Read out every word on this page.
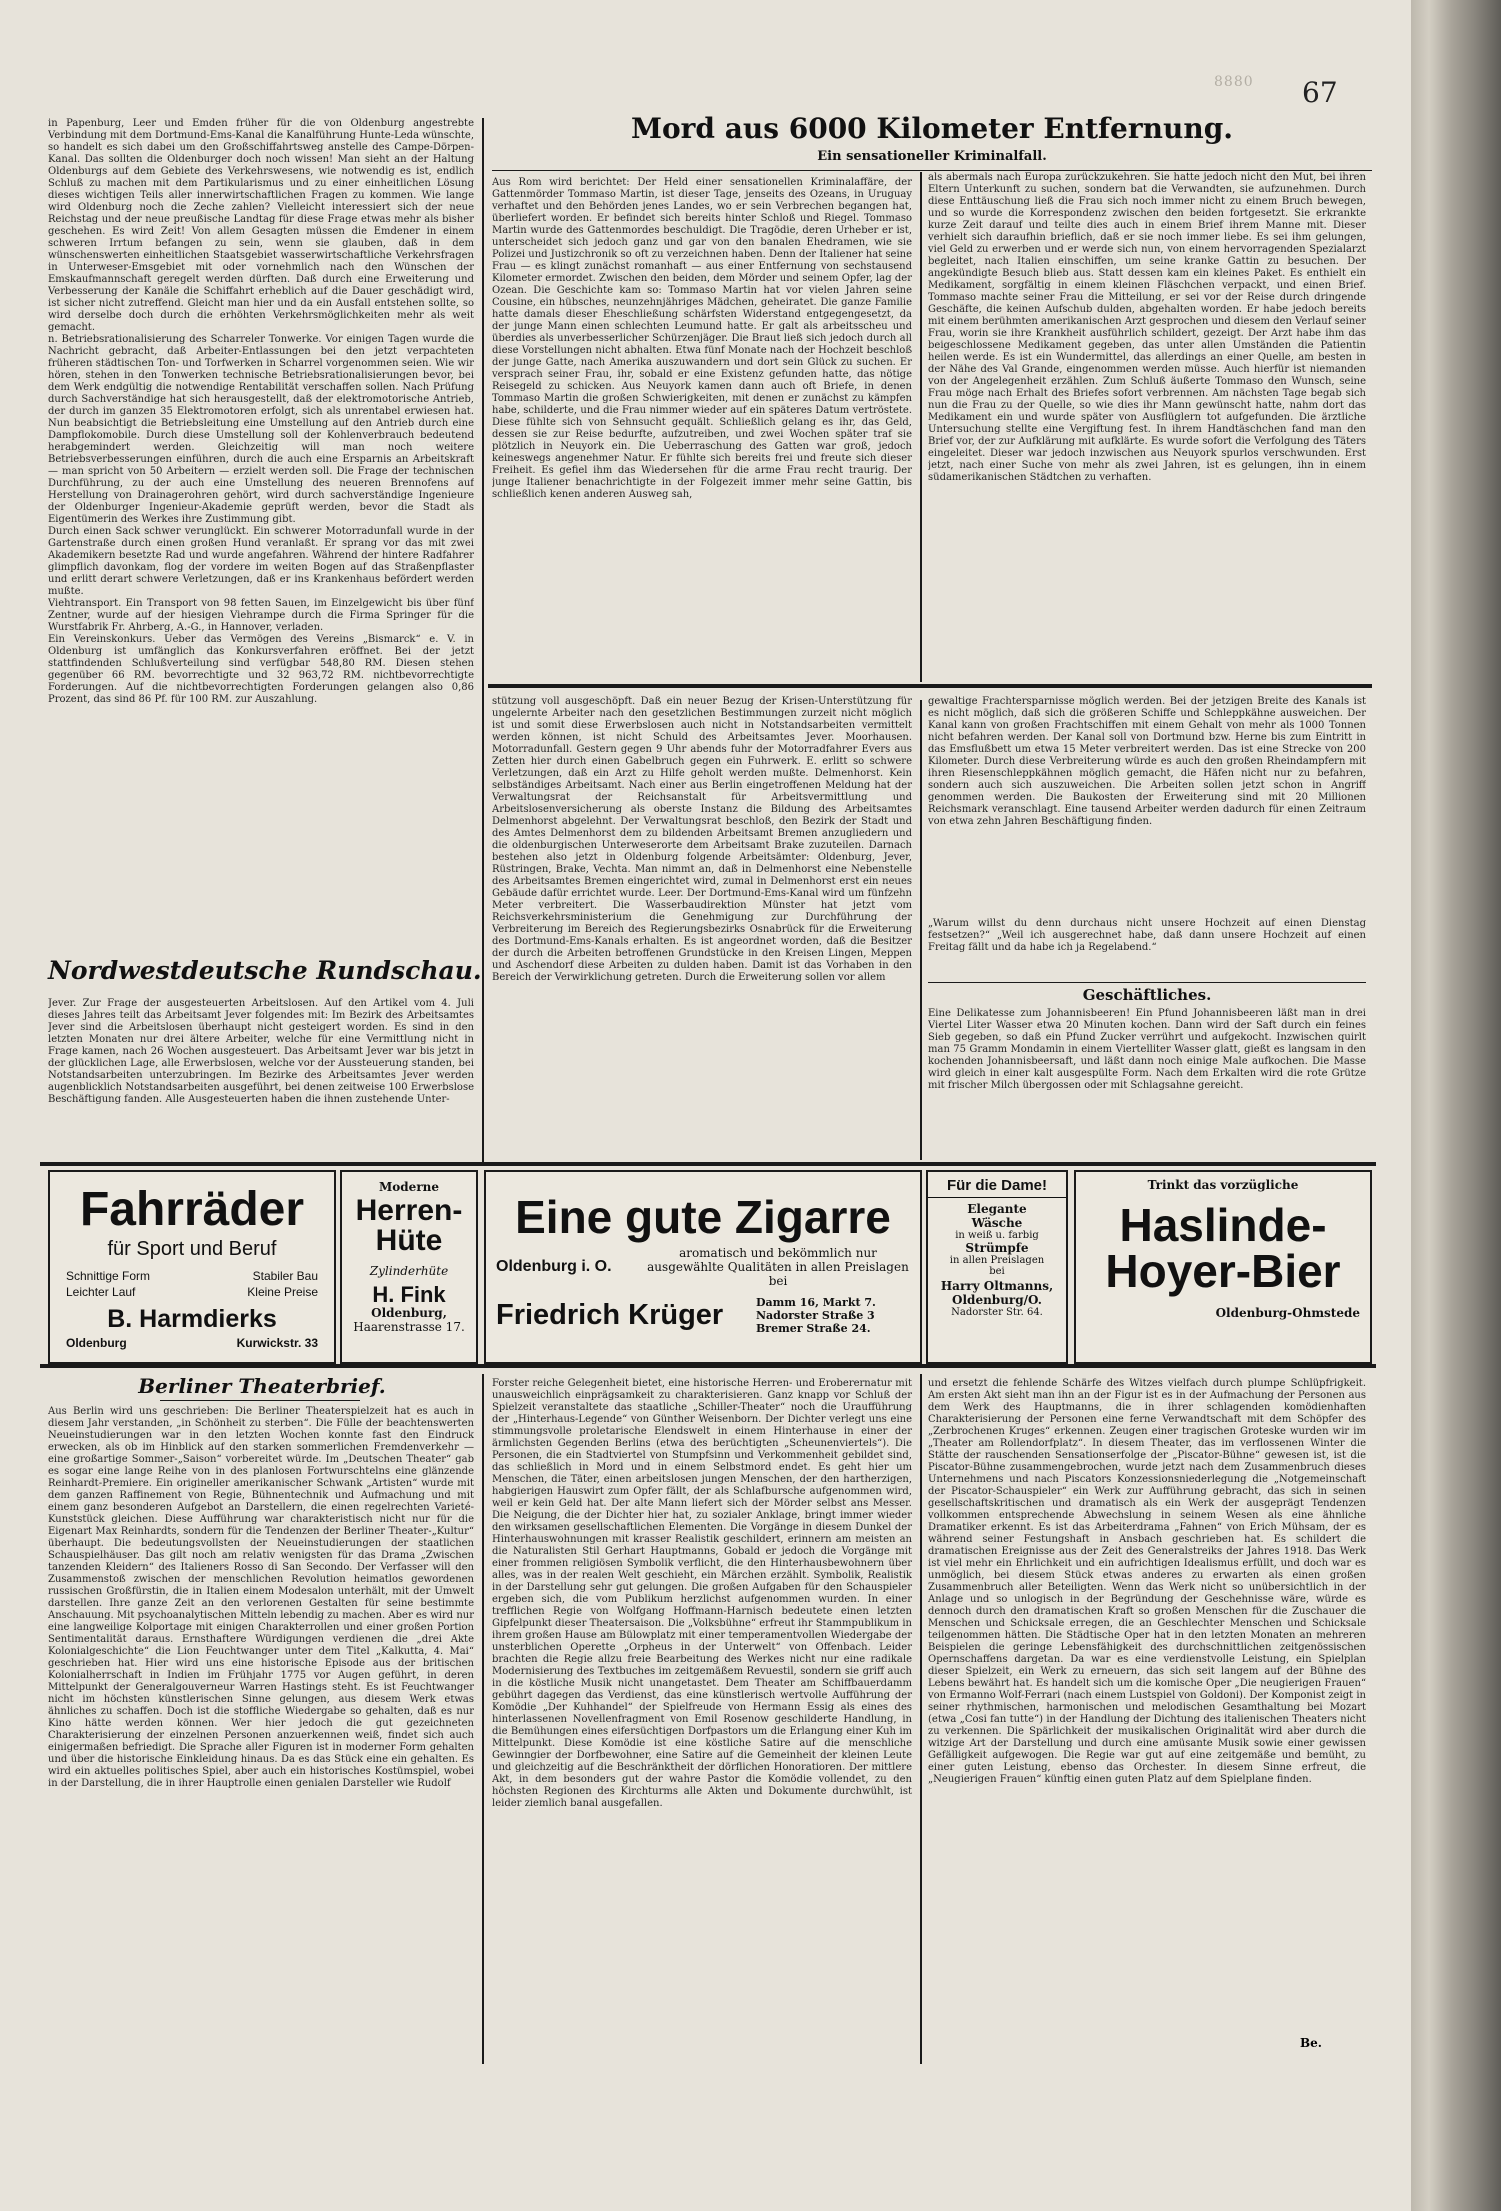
8880 67

in Papenburg, Leer und Emden früher für die von Oldenburg angestrebte Verbindung mit dem Dortmund-Ems-Kanal die Kanalführung Hunte-Leda wünschte, so handelt es sich dabei um den Großschiffahrtsweg anstelle des Campe-Dörpen-Kanal. Das sollten die Oldenburger doch noch wissen! Man sieht an der Haltung Oldenburgs auf dem Gebiete des Verkehrswesens, wie notwendig es ist, endlich Schluß zu machen mit dem Partikularismus und zu einer einheitlichen Lösung dieses wichtigen Teils aller innerwirtschaftlichen Fragen zu kommen. Wie lange wird Oldenburg noch die Zeche zahlen? Vielleicht interessiert sich der neue Reichstag und der neue preußische Landtag für diese Frage etwas mehr als bisher geschehen. Es wird Zeit! Von allem Gesagten müssen die Emdener in einem schweren Irrtum befangen zu sein, wenn sie glauben, daß in dem wünschenswerten einheitlichen Staatsgebiet wasserwirtschaftliche Verkehrsfragen in Unterweser-Emsgebiet mit oder vornehmlich nach den Wünschen der Emskaufmannschaft geregelt werden dürften. Daß durch eine Erweiterung und Verbesserung der Kanäle die Schiffahrt erheblich auf die Dauer geschädigt wird, ist sicher nicht zutreffend. Gleicht man hier und da ein Ausfall entstehen sollte, so wird derselbe doch durch die erhöhten Verkehrsmöglichkeiten mehr als weit gemacht.

n. Betriebsrationalisierung des Scharreler Tonwerke. Vor einigen Tagen wurde die Nachricht gebracht, daß Arbeiter-Entlassungen bei den jetzt verpachteten früheren städtischen Ton- und Torfwerken in Scharrel vorgenommen seien. Wie wir hören, stehen in den Tonwerken technische Betriebsrationalisierungen bevor, bei dem Werk endgültig die notwendige Rentabilität verschaffen sollen. Nach Prüfung durch Sachverständige hat sich herausgestellt, daß der elektromotorische Antrieb, der durch im ganzen 35 Elektromotoren erfolgt, sich als unrentabel erwiesen hat. Nun beabsichtigt die Betriebsleitung eine Umstellung auf den Antrieb durch eine Dampflokomobile. Durch diese Umstellung soll der Kohlenverbrauch bedeutend herabgemindert werden. Gleichzeitig will man noch weitere Betriebsverbesserungen einführen, durch die auch eine Ersparnis an Arbeitskraft — man spricht von 50 Arbeitern — erzielt werden soll. Die Frage der technischen Durchführung, zu der auch eine Umstellung des neueren Brennofens auf Herstellung von Drainagerohren gehört, wird durch sachverständige Ingenieure der Oldenburger Ingenieur-Akademie geprüft werden, bevor die Stadt als Eigentümerin des Werkes ihre Zustimmung gibt.

Durch einen Sack schwer verunglückt. Ein schwerer Motorradunfall wurde in der Gartenstraße durch einen großen Hund veranlaßt. Er sprang vor das mit zwei Akademikern besetzte Rad und wurde angefahren. Während der hintere Radfahrer glimpflich davonkam, flog der vordere im weiten Bogen auf das Straßenpflaster und erlitt derart schwere Verletzungen, daß er ins Krankenhaus befördert werden mußte.

Viehtransport. Ein Transport von 98 fetten Sauen, im Einzelgewicht bis über fünf Zentner, wurde auf der hiesigen Viehrampe durch die Firma Springer für die Wurstfabrik Fr. Ahrberg, A.-G., in Hannover, verladen.

Ein Vereinskonkurs. Ueber das Vermögen des Vereins „Bismarck“ e. V. in Oldenburg ist umfänglich das Konkursverfahren eröffnet. Bei der jetzt stattfindenden Schlußverteilung sind verfügbar 548,80 RM. Diesen stehen gegenüber 66 RM. bevorrechtigte und 32 963,72 RM. nichtbevorrechtigte Forderungen. Auf die nichtbevorrechtigten Forderungen gelangen also 0,86 Prozent, das sind 86 Pf. für 100 RM. zur Auszahlung.

Nordwestdeutsche Rundschau.
Jever. Zur Frage der ausgesteuerten Arbeitslosen. Auf den Artikel vom 4. Juli dieses Jahres teilt das Arbeitsamt Jever folgendes mit: Im Bezirk des Arbeitsamtes Jever sind die Arbeitslosen überhaupt nicht gesteigert worden. Es sind in den letzten Monaten nur drei ältere Arbeiter, welche für eine Vermittlung nicht in Frage kamen, nach 26 Wochen ausgesteuert. Das Arbeitsamt Jever war bis jetzt in der glücklichen Lage, alle Erwerbslosen, welche vor der Aussteuerung standen, bei Notstandsarbeiten unterzubringen. Im Bezirke des Arbeitsamtes Jever werden augenblicklich Notstandsarbeiten ausgeführt, bei denen zeitweise 100 Erwerbslose Beschäftigung fanden. Alle Ausgesteuerten haben die ihnen zustehende Unter-
Mord aus 6000 Kilometer Entfernung.
Ein sensationeller Kriminalfall.
Aus Rom wird berichtet: Der Held einer sensationellen Kriminalaffäre, der Gattenmörder Tommaso Martin, ist dieser Tage, jenseits des Ozeans, in Uruguay verhaftet und den Behörden jenes Landes, wo er sein Verbrechen begangen hat, überliefert worden. Er befindet sich bereits hinter Schloß und Riegel. Tommaso Martin wurde des Gattenmordes beschuldigt. Die Tragödie, deren Urheber er ist, unterscheidet sich jedoch ganz und gar von den banalen Ehedramen, wie sie Polizei und Justizchronik so oft zu verzeichnen haben. Denn der Italiener hat seine Frau — es klingt zunächst romanhaft — aus einer Entfernung von sechstausend Kilometer ermordet. Zwischen den beiden, dem Mörder und seinem Opfer, lag der Ozean. Die Geschichte kam so: Tommaso Martin hat vor vielen Jahren seine Cousine, ein hübsches, neunzehnjähriges Mädchen, geheiratet. Die ganze Familie hatte damals dieser Eheschließung schärfsten Widerstand entgegengesetzt, da der junge Mann einen schlechten Leumund hatte. Er galt als arbeitsscheu und überdies als unverbesserlicher Schürzenjäger. Die Braut ließ sich jedoch durch all diese Vorstellungen nicht abhalten. Etwa fünf Monate nach der Hochzeit beschloß der junge Gatte, nach Amerika auszuwandern und dort sein Glück zu suchen. Er versprach seiner Frau, ihr, sobald er eine Existenz gefunden hatte, das nötige Reisegeld zu schicken. Aus Neuyork kamen dann auch oft Briefe, in denen Tommaso Martin die großen Schwierigkeiten, mit denen er zunächst zu kämpfen habe, schilderte, und die Frau nimmer wieder auf ein späteres Datum vertröstete. Diese fühlte sich von Sehnsucht gequält. Schließlich gelang es ihr, das Geld, dessen sie zur Reise bedurfte, aufzutreiben, und zwei Wochen später traf sie plötzlich in Neuyork ein. Die Ueberraschung des Gatten war groß, jedoch keineswegs angenehmer Natur. Er fühlte sich bereits frei und freute sich dieser Freiheit. Es gefiel ihm das Wiedersehen für die arme Frau recht traurig. Der junge Italiener benachrichtigte in der Folgezeit immer mehr seine Gattin, bis schließlich kenen anderen Ausweg sah,
als abermals nach Europa zurückzukehren. Sie hatte jedoch nicht den Mut, bei ihren Eltern Unterkunft zu suchen, sondern bat die Verwandten, sie aufzunehmen. Durch diese Enttäuschung ließ die Frau sich noch immer nicht zu einem Bruch bewegen, und so wurde die Korrespondenz zwischen den beiden fortgesetzt. Sie erkrankte kurze Zeit darauf und teilte dies auch in einem Brief ihrem Manne mit. Dieser verhielt sich daraufhin brieflich, daß er sie noch immer liebe. Es sei ihm gelungen, viel Geld zu erwerben und er werde sich nun, von einem hervorragenden Spezialarzt begleitet, nach Italien einschiffen, um seine kranke Gattin zu besuchen. Der angekündigte Besuch blieb aus. Statt dessen kam ein kleines Paket. Es enthielt ein Medikament, sorgfältig in einem kleinen Fläschchen verpackt, und einen Brief. Tommaso machte seiner Frau die Mitteilung, er sei vor der Reise durch dringende Geschäfte, die keinen Aufschub dulden, abgehalten worden. Er habe jedoch bereits mit einem berühmten amerikanischen Arzt gesprochen und diesem den Verlauf seiner Frau, worin sie ihre Krankheit ausführlich schildert, gezeigt. Der Arzt habe ihm das beigeschlossene Medikament gegeben, das unter allen Umständen die Patientin heilen werde. Es ist ein Wundermittel, das allerdings an einer Quelle, am besten in der Nähe des Val Grande, eingenommen werden müsse. Auch hierfür ist niemanden von der Angelegenheit erzählen. Zum Schluß äußerte Tommaso den Wunsch, seine Frau möge nach Erhalt des Briefes sofort verbrennen. Am nächsten Tage begab sich nun die Frau zu der Quelle, so wie dies ihr Mann gewünscht hatte, nahm dort das Medikament ein und wurde später von Ausflüglern tot aufgefunden. Die ärztliche Untersuchung stellte eine Vergiftung fest. In ihrem Handtäschchen fand man den Brief vor, der zur Aufklärung mit aufklärte. Es wurde sofort die Verfolgung des Täters eingeleitet. Dieser war jedoch inzwischen aus Neuyork spurlos verschwunden. Erst jetzt, nach einer Suche von mehr als zwei Jahren, ist es gelungen, ihn in einem südamerikanischen Städtchen zu verhaften.
stützung voll ausgeschöpft. Daß ein neuer Bezug der Krisen-Unterstützung für ungelernte Arbeiter nach den gesetzlichen Bestimmungen zurzeit nicht möglich ist und somit diese Erwerbslosen auch nicht in Notstandsarbeiten vermittelt werden können, ist nicht Schuld des Arbeitsamtes Jever. Moorhausen. Motorradunfall. Gestern gegen 9 Uhr abends fuhr der Motorradfahrer Evers aus Zetten hier durch einen Gabelbruch gegen ein Fuhrwerk. E. erlitt so schwere Verletzungen, daß ein Arzt zu Hilfe geholt werden mußte. Delmenhorst. Kein selbständiges Arbeitsamt. Nach einer aus Berlin eingetroffenen Meldung hat der Verwaltungsrat der Reichsanstalt für Arbeitsvermittlung und Arbeitslosenversicherung als oberste Instanz die Bildung des Arbeitsamtes Delmenhorst abgelehnt. Der Verwaltungsrat beschloß, den Bezirk der Stadt und des Amtes Delmenhorst dem zu bildenden Arbeitsamt Bremen anzugliedern und die oldenburgischen Unterweserorte dem Arbeitsamt Brake zuzuteilen. Darnach bestehen also jetzt in Oldenburg folgende Arbeitsämter: Oldenburg, Jever, Rüstringen, Brake, Vechta. Man nimmt an, daß in Delmenhorst eine Nebenstelle des Arbeitsamtes Bremen eingerichtet wird, zumal in Delmenhorst erst ein neues Gebäude dafür errichtet wurde. Leer. Der Dortmund-Ems-Kanal wird um fünfzehn Meter verbreitert. Die Wasserbaudirektion Münster hat jetzt vom Reichsverkehrsministerium die Genehmigung zur Durchführung der Verbreiterung im Bereich des Regierungsbezirks Osnabrück für die Erweiterung des Dortmund-Ems-Kanals erhalten. Es ist angeordnet worden, daß die Besitzer der durch die Arbeiten betroffenen Grundstücke in den Kreisen Lingen, Meppen und Aschendorf diese Arbeiten zu dulden haben. Damit ist das Vorhaben in den Bereich der Verwirklichung getreten. Durch die Erweiterung sollen vor allem
gewaltige Frachtersparnisse möglich werden. Bei der jetzigen Breite des Kanals ist es nicht möglich, daß sich die größeren Schiffe und Schleppkähne ausweichen. Der Kanal kann von großen Frachtschiffen mit einem Gehalt von mehr als 1000 Tonnen nicht befahren werden. Der Kanal soll von Dortmund bzw. Herne bis zum Eintritt in das Emsflußbett um etwa 15 Meter verbreitert werden. Das ist eine Strecke von 200 Kilometer. Durch diese Verbreiterung würde es auch den großen Rheindampfern mit ihren Riesenschleppkähnen möglich gemacht, die Häfen nicht nur zu befahren, sondern auch sich auszuweichen. Die Arbeiten sollen jetzt schon in Angriff genommen werden. Die Baukosten der Erweiterung sind mit 20 Millionen Reichsmark veranschlagt. Eine tausend Arbeiter werden dadurch für einen Zeitraum von etwa zehn Jahren Beschäftigung finden.
„Warum willst du denn durchaus nicht unsere Hochzeit auf einen Dienstag festsetzen?“ „Weil ich ausgerechnet habe, daß dann unsere Hochzeit auf einen Freitag fällt und da habe ich ja Regelabend.“
Geschäftliches.
Eine Delikatesse zum Johannisbeeren! Ein Pfund Johannisbeeren läßt man in drei Viertel Liter Wasser etwa 20 Minuten kochen. Dann wird der Saft durch ein feines Sieb gegeben, so daß ein Pfund Zucker verrührt und aufgekocht. Inzwischen quirlt man 75 Gramm Mondamin in einem Viertelliter Wasser glatt, gießt es langsam in den kochenden Johannisbeersaft, und läßt dann noch einige Male aufkochen. Die Masse wird gleich in einer kalt ausgespülte Form. Nach dem Erkalten wird die rote Grütze mit frischer Milch übergossen oder mit Schlagsahne gereicht.
Fahrräder
für Sport und Beruf
Schnittige Form	Stabiler Bau
Leichter Lauf	Kleine Preise
B. Harmdierks
Oldenburg	Kurwickstr. 33
Moderne
Herren-
Hüte
Zylinderhüte
H. Fink
Oldenburg,
Haarenstrasse 17.
Eine gute Zigarre
Oldenburg i. O.
aromatisch und bekömmlich nur ausgewählte Qualitäten in allen Preislagen bei
Friedrich Krüger	Damm 16, Markt 7.
Nadorster Straße 3
Bremer Straße 24.
Für die Dame!
Elegante
Wäsche
in weiß u. farbig
Strümpfe
in allen Preislagen
bei
Harry Oltmanns,
Oldenburg/O.
Nadorster Str. 64.
Trinkt das vorzügliche
Haslinde-
Hoyer-Bier
Oldenburg-Ohmstede
Berliner Theaterbrief.
Aus Berlin wird uns geschrieben: Die Berliner Theaterspielzeit hat es auch in diesem Jahr verstanden, „in Schönheit zu sterben“. Die Fülle der beachtenswerten Neueinstudierungen war in den letzten Wochen konnte fast den Eindruck erwecken, als ob im Hinblick auf den starken sommerlichen Fremdenverkehr — eine großartige Sommer-„Saison“ vorbereitet würde. Im „Deutschen Theater“ gab es sogar eine lange Reihe von in des planlosen Fortwurschtelns eine glänzende Reinhardt-Premiere. Ein origineller amerikanischer Schwank „Artisten“ wurde mit dem ganzen Raffinement von Regie, Bühnentechnik und Aufmachung und mit einem ganz besonderen Aufgebot an Darstellern, die einen regelrechten Varieté-Kunststück gleichen. Diese Aufführung war charakteristisch nicht nur für die Eigenart Max Reinhardts, sondern für die Tendenzen der Berliner Theater-„Kultur“ überhaupt. Die bedeutungsvollsten der Neueinstudierungen der staatlichen Schauspielhäuser. Das gilt noch am relativ wenigsten für das Drama „Zwischen tanzenden Kleidern“ des Italieners Rosso di San Secondo. Der Verfasser will den Zusammenstoß zwischen der menschlichen Revolution heimatlos gewordenen russischen Großfürstin, die in Italien einem Modesalon unterhält, mit der Umwelt darstellen. Ihre ganze Zeit an den verlorenen Gestalten für seine bestimmte Anschauung. Mit psychoanalytischen Mitteln lebendig zu machen. Aber es wird nur eine langweilige Kolportage mit einigen Charakterrollen und einer großen Portion Sentimentalität daraus. Ernsthaftere Würdigungen verdienen die „drei Akte Kolonialgeschichte“ die Lion Feuchtwanger unter dem Titel „Kalkutta, 4. Mai“ geschrieben hat. Hier wird uns eine historische Episode aus der britischen Kolonialherrschaft in Indien im Frühjahr 1775 vor Augen geführt, in deren Mittelpunkt der Generalgouverneur Warren Hastings steht. Es ist Feuchtwanger nicht im höchsten künstlerischen Sinne gelungen, aus diesem Werk etwas ähnliches zu schaffen. Doch ist die stoffliche Wiedergabe so gehalten, daß es nur Kino hätte werden können. Wer hier jedoch die gut gezeichneten Charakterisierung der einzelnen Personen anzuerkennen weiß, findet sich auch einigermaßen befriedigt. Die Sprache aller Figuren ist in moderner Form gehalten und über die historische Einkleidung hinaus. Da es das Stück eine ein gehalten. Es wird ein aktuelles politisches Spiel, aber auch ein historisches Kostümspiel, wobei in der Darstellung, die in ihrer Hauptrolle einen genialen Darsteller wie Rudolf
Forster reiche Gelegenheit bietet, eine historische Herren- und Eroberernatur mit unausweichlich einprägsamkeit zu charakterisieren. Ganz knapp vor Schluß der Spielzeit veranstaltete das staatliche „Schiller-Theater“ noch die Uraufführung der „Hinterhaus-Legende“ von Günther Weisenborn. Der Dichter verlegt uns eine stimmungsvolle proletarische Elendswelt in einem Hinterhause in einer der ärmlichsten Gegenden Berlins (etwa des berüchtigten „Scheunenviertels“). Die Personen, die ein Stadtviertel von Stumpfsinn und Verkommenheit gebildet sind, das schließlich in Mord und in einem Selbstmord endet. Es geht hier um Menschen, die Täter, einen arbeitslosen jungen Menschen, der den hartherzigen, habgierigen Hauswirt zum Opfer fällt, der als Schlafbursche aufgenommen wird, weil er kein Geld hat. Der alte Mann liefert sich der Mörder selbst ans Messer. Die Neigung, die der Dichter hier hat, zu sozialer Anklage, bringt immer wieder den wirksamen gesellschaftlichen Elementen. Die Vorgänge in diesem Dunkel der Hinterhauswohnungen mit krasser Realistik geschildert, erinnern am meisten an die Naturalisten Stil Gerhart Hauptmanns, Gobald er jedoch die Vorgänge mit einer frommen religiösen Symbolik verflicht, die den Hinterhausbewohnern über alles, was in der realen Welt geschieht, ein Märchen erzählt. Symbolik, Realistik in der Darstellung sehr gut gelungen. Die großen Aufgaben für den Schauspieler ergeben sich, die vom Publikum herzlichst aufgenommen wurden. In einer trefflichen Regie von Wolfgang Hoffmann-Harnisch bedeutete einen letzten Gipfelpunkt dieser Theatersaison. Die „Volksbühne“ erfreut ihr Stammpublikum in ihrem großen Hause am Bülowplatz mit einer temperamentvollen Wiedergabe der unsterblichen Operette „Orpheus in der Unterwelt“ von Offenbach. Leider brachten die Regie allzu freie Bearbeitung des Werkes nicht nur eine radikale Modernisierung des Textbuches im zeitgemäßem Revuestil, sondern sie griff auch in die köstliche Musik nicht unangetastet. Dem Theater am Schiffbauerdamm gebührt dagegen das Verdienst, das eine künstlerisch wertvolle Aufführung der Komödie „Der Kuhhandel“ der Spielfreude von Hermann Essig als eines des hinterlassenen Novellenfragment von Emil Rosenow geschilderte Handlung, in die Bemühungen eines eifersüchtigen Dorfpastors um die Erlangung einer Kuh im Mittelpunkt. Diese Komödie ist eine köstliche Satire auf die menschliche Gewinngier der Dorfbewohner, eine Satire auf die Gemeinheit der kleinen Leute und gleichzeitig auf die Beschränktheit der dörflichen Honoratioren. Der mittlere Akt, in dem besonders gut der wahre Pastor die Komödie vollendet, zu den höchsten Regionen des Kirchturms alle Akten und Dokumente durchwühlt, ist leider ziemlich banal ausgefallen.
und ersetzt die fehlende Schärfe des Witzes vielfach durch plumpe Schlüpfrigkeit. Am ersten Akt sieht man ihn an der Figur ist es in der Aufmachung der Personen aus dem Werk des Hauptmanns, die in ihrer schlagenden komödienhaften Charakterisierung der Personen eine ferne Verwandtschaft mit dem Schöpfer des „Zerbrochenen Kruges“ erkennen. Zeugen einer tragischen Groteske wurden wir im „Theater am Rollendorfplatz“. In diesem Theater, das im verflossenen Winter die Stätte der rauschenden Sensationserfolge der „Piscator-Bühne“ gewesen ist, ist die Piscator-Bühne zusammengebrochen, wurde jetzt nach dem Zusammenbruch dieses Unternehmens und nach Piscators Konzessionsniederlegung die „Notgemeinschaft der Piscator-Schauspieler“ ein Werk zur Aufführung gebracht, das sich in seinen gesellschaftskritischen und dramatisch als ein Werk der ausgeprägt Tendenzen vollkommen entsprechende Abwechslung in seinem Wesen als eine ähnliche Dramatiker erkennt. Es ist das Arbeiterdrama „Fahnen“ von Erich Mühsam, der es während seiner Festungshaft in Ansbach geschrieben hat. Es schildert die dramatischen Ereignisse aus der Zeit des Generalstreiks der Jahres 1918. Das Werk ist viel mehr ein Ehrlichkeit und ein aufrichtigen Idealismus erfüllt, und doch war es unmöglich, bei diesem Stück etwas anderes zu erwarten als einen großen Zusammenbruch aller Beteiligten. Wenn das Werk nicht so unübersichtlich in der Anlage und so unlogisch in der Begründung der Geschehnisse wäre, würde es dennoch durch den dramatischen Kraft so großen Menschen für die Zuschauer die Menschen und Schicksale erregen, die an Geschlechter Menschen und Schicksale teilgenommen hätten. Die Städtische Oper hat in den letzten Monaten an mehreren Beispielen die geringe Lebensfähigkeit des durchschnittlichen zeitgenössischen Opernschaffens dargetan. Da war es eine verdienstvolle Leistung, ein Spielplan dieser Spielzeit, ein Werk zu erneuern, das sich seit langem auf der Bühne des Lebens bewährt hat. Es handelt sich um die komische Oper „Die neugierigen Frauen“ von Ermanno Wolf-Ferrari (nach einem Lustspiel von Goldoni). Der Komponist zeigt in seiner rhythmischen, harmonischen und melodischen Gesamthaltung bei Mozart (etwa „Cosi fan tutte“) in der Handlung der Dichtung des italienischen Theaters nicht zu verkennen. Die Spärlichkeit der musikalischen Originalität wird aber durch die witzige Art der Darstellung und durch eine amüsante Musik sowie einer gewissen Gefälligkeit aufgewogen. Die Regie war gut auf eine zeitgemäße und bemüht, zu einer guten Leistung, ebenso das Orchester. In diesem Sinne erfreut, die „Neugierigen Frauen“ künftig einen guten Platz auf dem Spielplane finden.
Be.
